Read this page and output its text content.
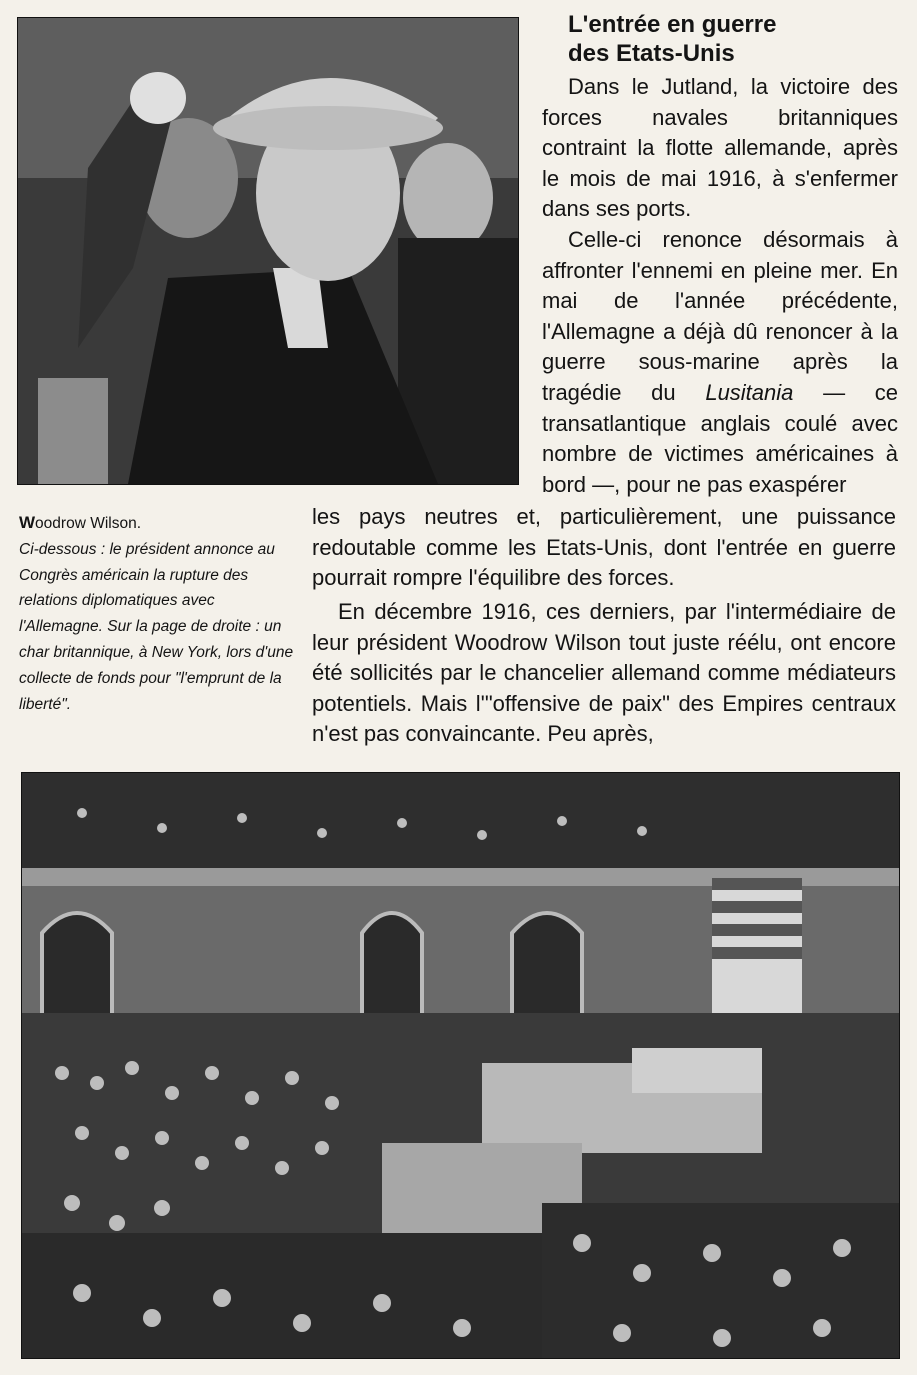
L'entrée en guerre
des Etats-Unis

Dans le Jutland, la victoire des forces navales britanniques contraint la flotte allemande, après le mois de mai 1916, à s'enfermer dans ses ports.

Celle-ci renonce désormais à affronter l'ennemi en pleine mer. En mai de l'année précédente, l'Allemagne a déjà dû renoncer à la guerre sous-marine après la tragédie du Lusitania — ce transatlantique anglais coulé avec nombre de victimes américaines à bord —, pour ne pas exaspérer

Woodrow Wilson.
Ci-dessous : le président annonce au Congrès américain la rupture des relations diplomatiques avec l'Allemagne. Sur la page de droite : un char britannique, à New York, lors d'une collecte de fonds pour "l'emprunt de la liberté".

les pays neutres et, particulièrement, une puissance redoutable comme les Etats-Unis, dont l'entrée en guerre pourrait rompre l'équilibre des forces.

En décembre 1916, ces derniers, par l'intermédiaire de leur président Woodrow Wilson tout juste réélu, ont encore été sollicités par le chancelier allemand comme médiateurs potentiels. Mais l'"offensive de paix" des Empires centraux n'est pas convaincante. Peu après,
